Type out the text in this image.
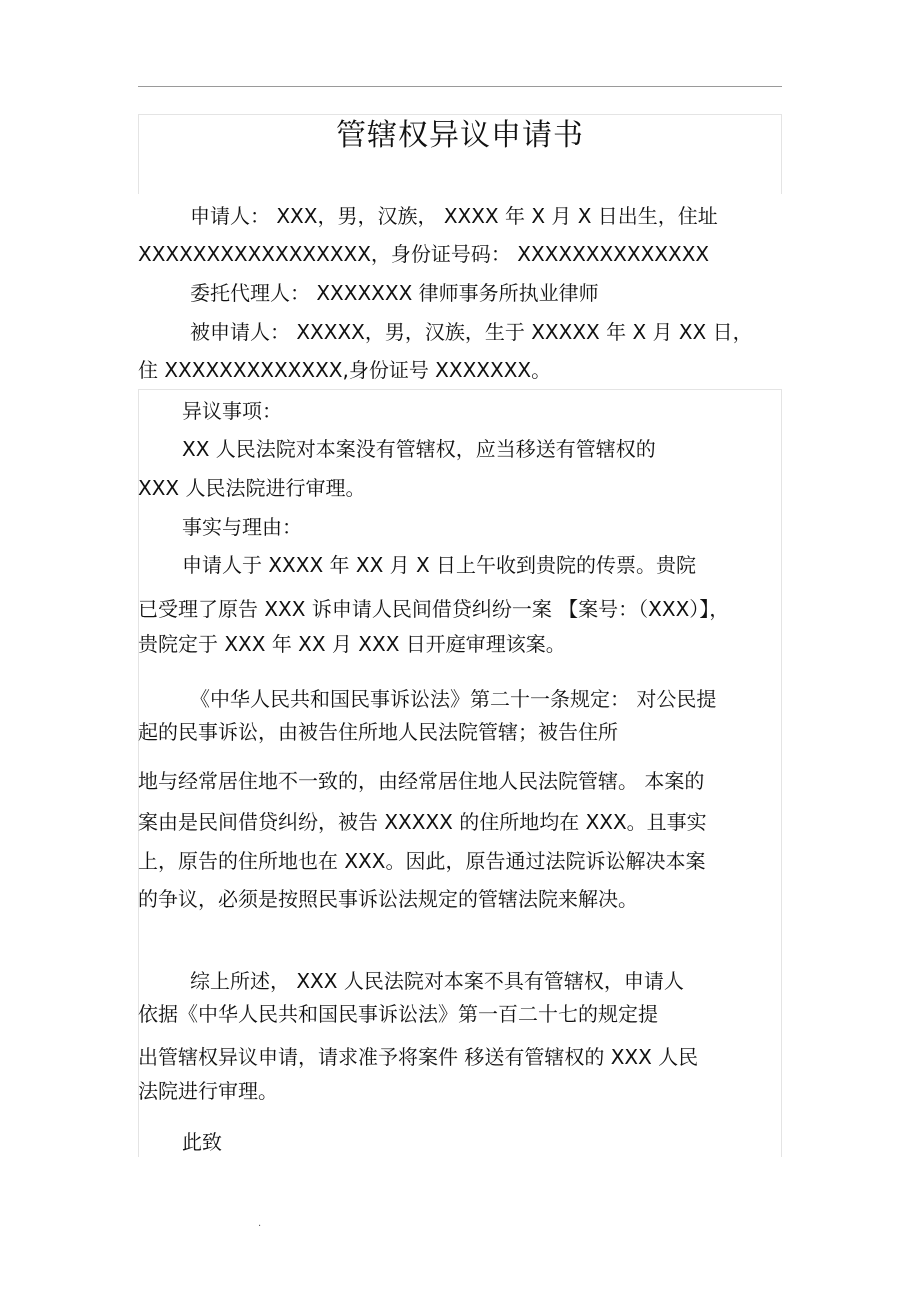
管辖权异议申请书
申请人： XXX，男，汉族， XXXX 年 X 月 X 日出生，住址
XXXXXXXXXXXXXXXXX，身份证号码： XXXXXXXXXXXXXX
委托代理人： XXXXXXX 律师事务所执业律师
被申请人： XXXXX，男，汉族，生于 XXXXX 年 X 月 XX 日，
住 XXXXXXXXXXXXX,身份证号 XXXXXXX。
异议事项：
XX 人民法院对本案没有管辖权，应当移送有管辖权的
XXX 人民法院进行审理。
事实与理由：
申请人于 XXXX 年 XX 月 X 日上午收到贵院的传票。贵院
已受理了原告 XXX 诉申请人民间借贷纠纷一案 【案号：（XXX）】，
贵院定于 XXX 年 XX 月 XXX 日开庭审理该案。
《中华人民共和国民事诉讼法》第二十一条规定： 对公民提
起的民事诉讼，由被告住所地人民法院管辖；被告住所
地与经常居住地不一致的，由经常居住地人民法院管辖。 本案的
案由是民间借贷纠纷，被告 XXXXX 的住所地均在 XXX。且事实
上，原告的住所地也在 XXX。因此，原告通过法院诉讼解决本案
的争议，必须是按照民事诉讼法规定的管辖法院来解决。
综上所述， XXX 人民法院对本案不具有管辖权，申请人
依据《中华人民共和国民事诉讼法》第一百二十七的规定提
出管辖权异议申请，请求准予将案件 移送有管辖权的 XXX 人民
法院进行审理。
此致
.
